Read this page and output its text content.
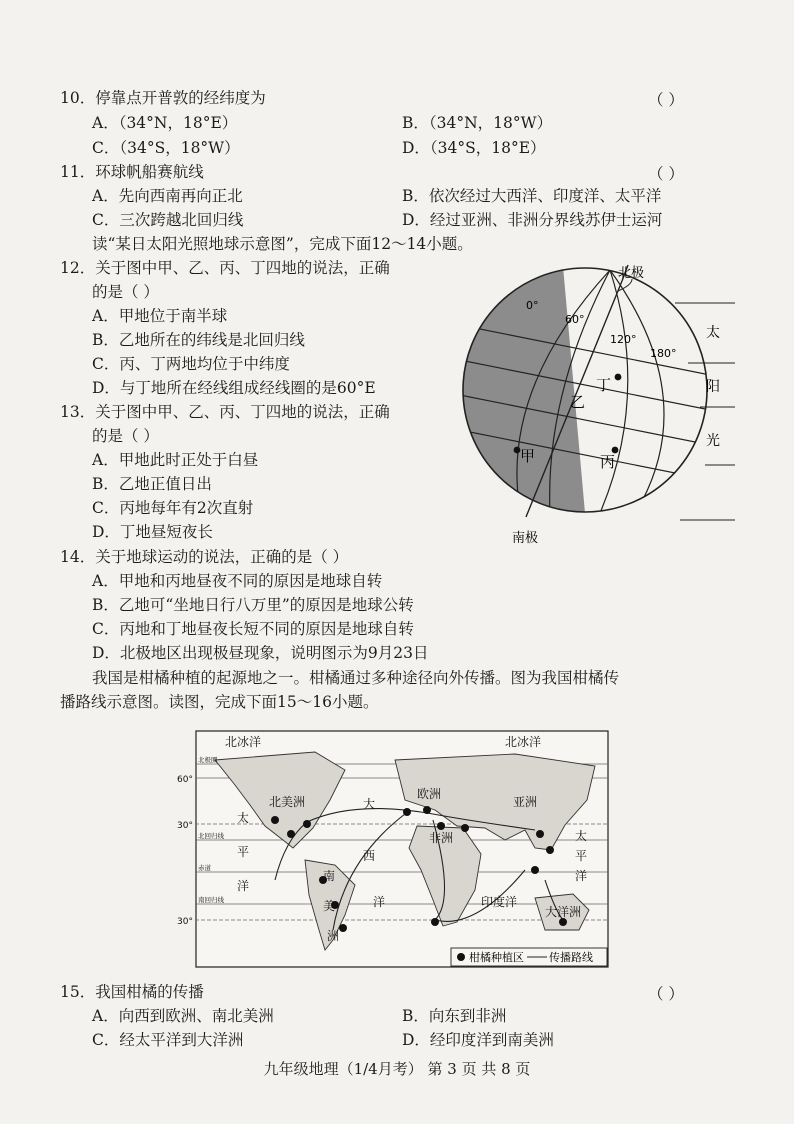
10．停靠点开普敦的经纬度为	（ ）
A．（34°N，18°E）	B．（34°N，18°W）
C．（34°S，18°W）	D．（34°S，18°E）
11．环球帆船赛航线	（ ）
A．先向西南再向正北	B．依次经过大西洋、印度洋、太平洋
C．三次跨越北回归线	D．经过亚洲、非洲分界线苏伊士运河
读“某日太阳光照地球示意图”，完成下面12～14小题。
12．关于图中甲、乙、丙、丁四地的说法，正确
的是（ ）
A．甲地位于南半球
B．乙地所在的纬线是北回归线
C．丙、丁两地均位于中纬度
D．与丁地所在经线组成经线圈的是60°E
13．关于图中甲、乙、丙、丁四地的说法，正确
的是（ ）
A．甲地此时正处于白昼
B．乙地正值日出
C．丙地每年有2次直射
D．丁地昼短夜长
14．关于地球运动的说法，正确的是（ ）
A．甲地和丙地昼夜不同的原因是地球自转
B．乙地可“坐地日行八万里”的原因是地球公转
C．丙地和丁地昼夜长短不同的原因是地球自转
D．北极地区出现极昼现象，说明图示为9月23日
我国是柑橘种植的起源地之一。柑橘通过多种途径向外传播。图为我国柑橘传
播路线示意图。读图，完成下面15～16小题。
北极
南极
0°
60°
120°
180°
甲
乙
丙
丁
太
阳
光
北冰洋	北冰洋
北美洲
欧洲
亚洲
非洲
南
美
洲
大洋洲
印度洋
大
西
洋
太
平
洋
太
平
洋
北极圈
北回归线
赤道
南回归线
60°
30°
30°
柑橘种植区 传播路线
15．我国柑橘的传播	（ ）
A．向西到欧洲、南北美洲	B．向东到非洲
C．经太平洋到大洋洲	D．经印度洋到南美洲
九年级地理（1/4月考） 第 3 页 共 8 页
